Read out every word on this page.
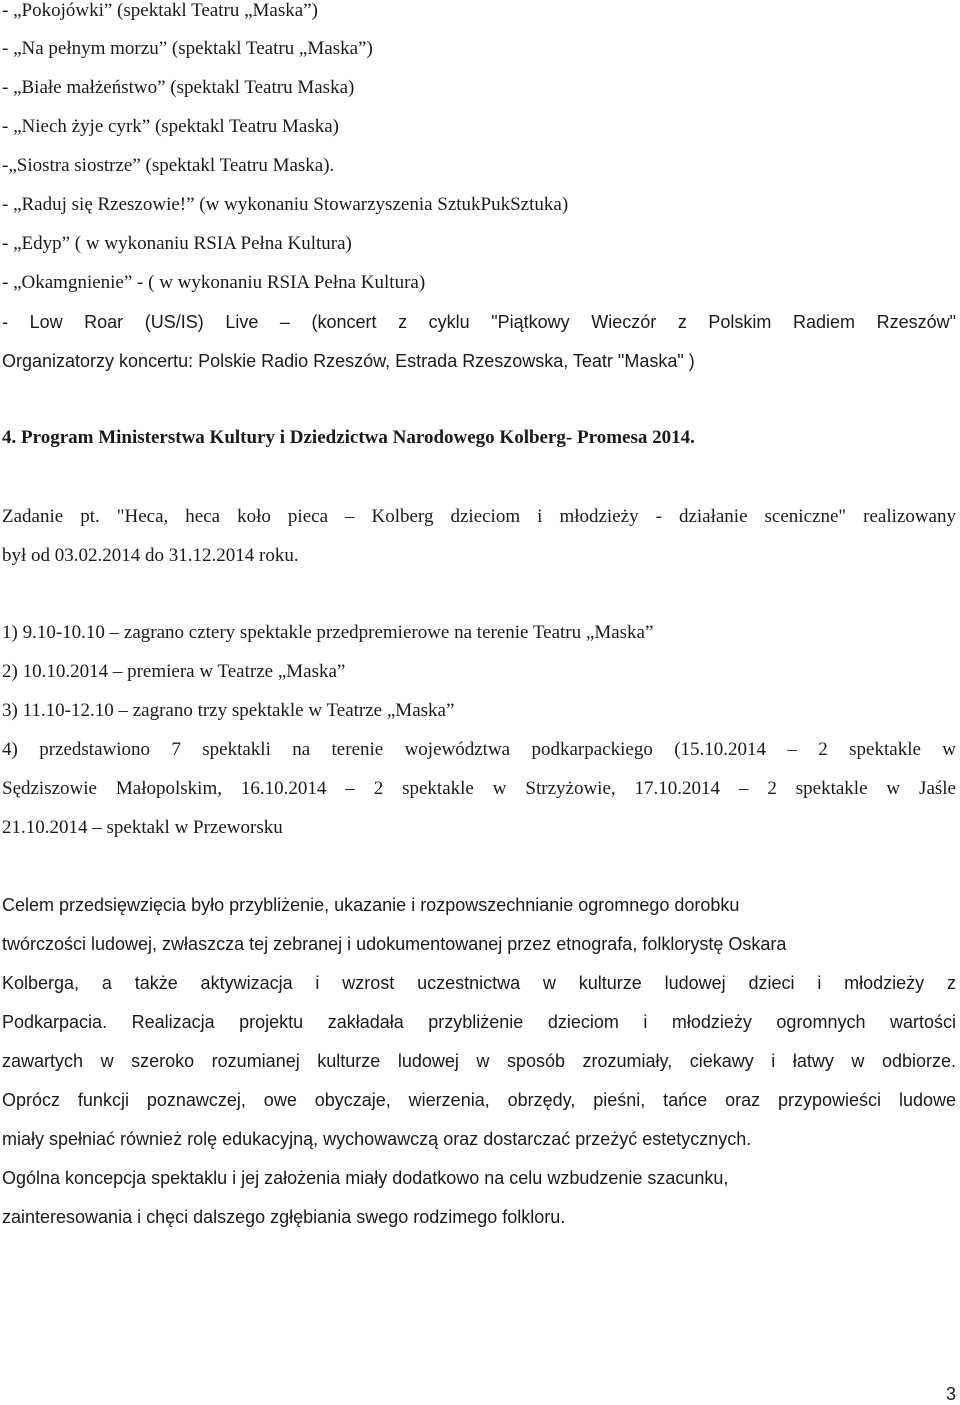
- „Pokojówki” (spektakl Teatru „Maska”)
- „Na pełnym morzu” (spektakl Teatru „Maska”)
- „Białe małżeństwo” (spektakl Teatru Maska)
- „Niech żyje cyrk” (spektakl Teatru Maska)
-„Siostra siostrze” (spektakl Teatru Maska).
- „Raduj się Rzeszowie!” (w wykonaniu Stowarzyszenia SztukPukSztuka)
- „Edyp” ( w wykonaniu RSIA Pełna Kultura)
- „Okamgnienie” - ( w wykonaniu RSIA Pełna Kultura)
- Low Roar (US/IS) Live – (koncert z cyklu "Piątkowy Wieczór z Polskim Radiem Rzeszów"
Organizatorzy koncertu: Polskie Radio Rzeszów, Estrada Rzeszowska, Teatr "Maska" )
4. Program Ministerstwa Kultury i Dziedzictwa Narodowego Kolberg- Promesa 2014.
Zadanie pt. "Heca, heca koło pieca – Kolberg dzieciom i młodzieży - działanie sceniczne" realizowany
był od 03.02.2014 do 31.12.2014 roku.
1) 9.10-10.10 – zagrano cztery spektakle przedpremierowe na terenie Teatru „Maska”
2) 10.10.2014 – premiera w Teatrze „Maska”
3) 11.10-12.10 – zagrano trzy spektakle w Teatrze „Maska”
4) przedstawiono 7 spektakli na terenie województwa podkarpackiego (15.10.2014 – 2 spektakle w
Sędziszowie Małopolskim, 16.10.2014 – 2 spektakle w Strzyżowie, 17.10.2014 – 2 spektakle w Jaśle
21.10.2014 – spektakl w Przeworsku
Celem przedsięwzięcia było przybliżenie, ukazanie i rozpowszechnianie ogromnego dorobku
twórczości ludowej, zwłaszcza tej zebranej i udokumentowanej przez etnografa, folklorystę Oskara
Kolberga, a także aktywizacja i wzrost uczestnictwa w kulturze ludowej dzieci i młodzieży z
Podkarpacia. Realizacja projektu zakładała przybliżenie dzieciom i młodzieży ogromnych wartości
zawartych w szeroko rozumianej kulturze ludowej w sposób zrozumiały, ciekawy i łatwy w odbiorze.
Oprócz funkcji poznawczej, owe obyczaje, wierzenia, obrzędy, pieśni, tańce oraz przypowieści ludowe
miały spełniać również rolę edukacyjną, wychowawczą oraz dostarczać przeżyć estetycznych.
Ogólna koncepcja spektaklu i jej założenia miały dodatkowo na celu wzbudzenie szacunku,
zainteresowania i chęci dalszego zgłębiania swego rodzimego folkloru.
3
